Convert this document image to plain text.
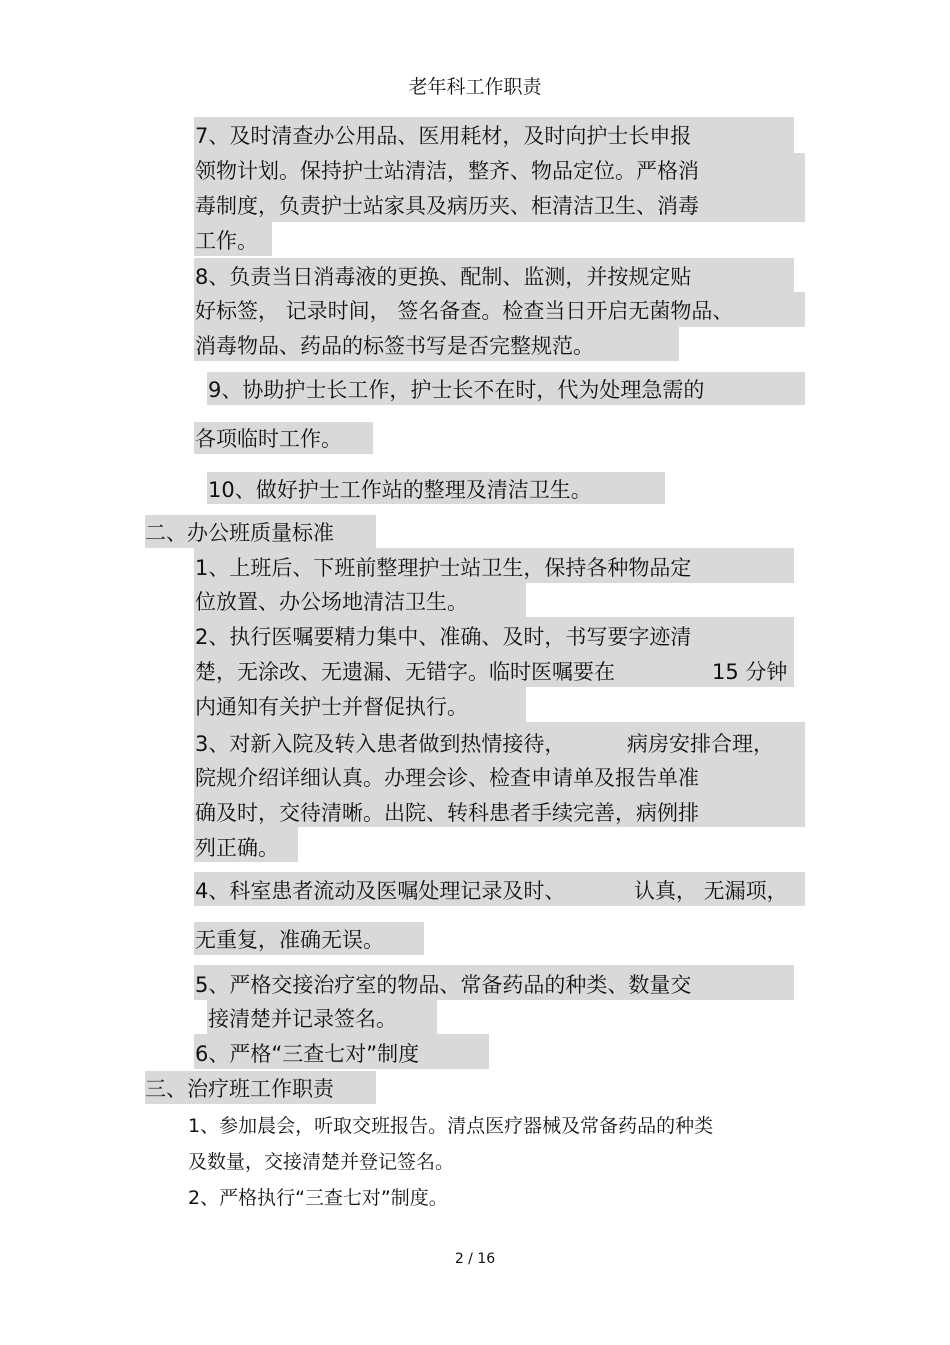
老年科工作职责
7、及时清查办公用品、医用耗材，及时向护士长申报
领物计划。保持护士站清洁，整齐、物品定位。严格消
毒制度，负责护士站家具及病历夹、柜清洁卫生、消毒
工作。
8、负责当日消毒液的更换、配制、监测，并按规定贴
好标签， 记录时间， 签名备查。检查当日开启无菌物品、
消毒物品、药品的标签书写是否完整规范。
9、协助护士长工作，护士长不在时，代为处理急需的
各项临时工作。
10、做好护士工作站的整理及清洁卫生。
二、办公班质量标准
1、上班后、下班前整理护士站卫生，保持各种物品定
位放置、办公场地清洁卫生。
2、执行医嘱要精力集中、准确、及时，书写要字迹清
楚，无涂改、无遗漏、无错字。临时医嘱要在	15 分钟
内通知有关护士并督促执行。
3、对新入院及转入患者做到热情接待，	病房安排合理，
院规介绍详细认真。办理会诊、检查申请单及报告单准
确及时，交待清晰。出院、转科患者手续完善，病例排
列正确。
4、科室患者流动及医嘱处理记录及时、	认真， 无漏项，
无重复，准确无误。
5、严格交接治疗室的物品、常备药品的种类、数量交
接清楚并记录签名。
6、严格“三查七对”制度
三、治疗班工作职责
1、参加晨会，听取交班报告。清点医疗器械及常备药品的种类
及数量，交接清楚并登记签名。
2、严格执行“三查七对”制度。
2 / 16
